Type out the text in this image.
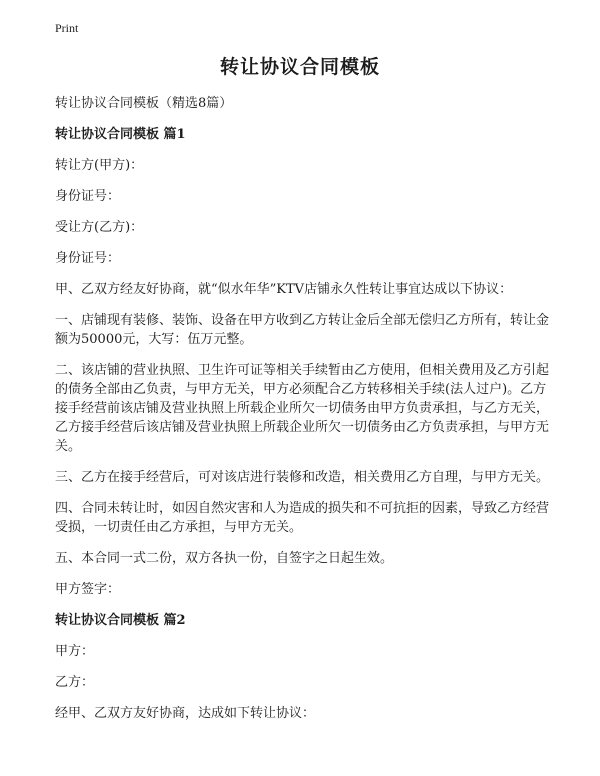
Print
转让协议合同模板

转让协议合同模板（精选8篇）

转让协议合同模板 篇1

转让方(甲方)：

身份证号：

受让方(乙方)：

身份证号：

甲、乙双方经友好协商，就“似水年华”KTV店铺永久性转让事宜达成以下协议：

一、店铺现有装修、装饰、设备在甲方收到乙方转让金后全部无偿归乙方所有，转让金额为50000元，大写：伍万元整。

二、该店铺的营业执照、卫生许可证等相关手续暂由乙方使用，但相关费用及乙方引起的债务全部由乙负责，与甲方无关，甲方必须配合乙方转移相关手续(法人过户)。乙方接手经营前该店铺及营业执照上所载企业所欠一切债务由甲方负责承担，与乙方无关，乙方接手经营后该店铺及营业执照上所载企业所欠一切债务由乙方负责承担，与甲方无关。

三、乙方在接手经营后，可对该店进行装修和改造，相关费用乙方自理，与甲方无关。

四、合同未转让时，如因自然灾害和人为造成的损失和不可抗拒的因素，导致乙方经营受损，一切责任由乙方承担，与甲方无关。

五、本合同一式二份，双方各执一份，自签字之日起生效。

甲方签字：

转让协议合同模板 篇2

甲方：

乙方：

经甲、乙双方友好协商，达成如下转让协议：
